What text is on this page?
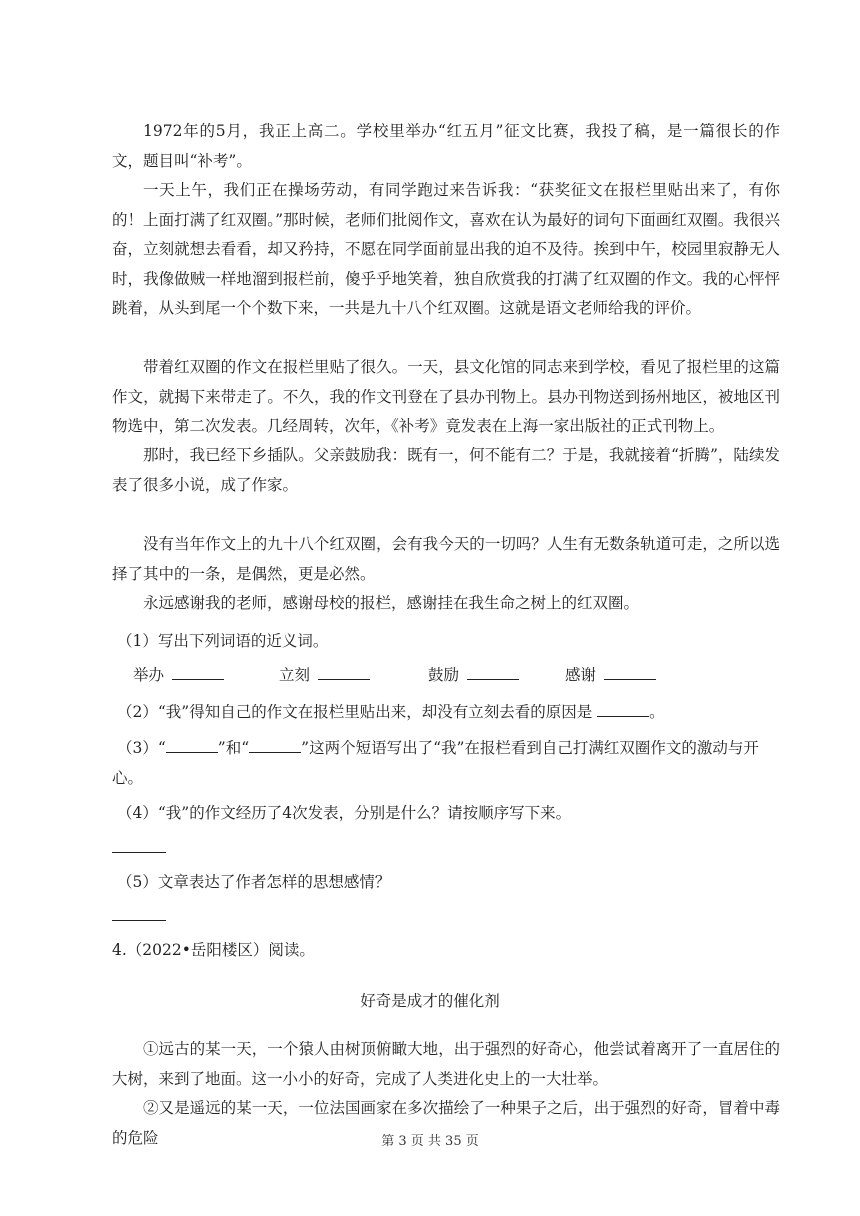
1972年的5月，我正上高二。学校里举办“红五月”征文比赛，我投了稿，是一篇很长的作文，题目叫“补考”。

一天上午，我们正在操场劳动，有同学跑过来告诉我：“获奖征文在报栏里贴出来了，有你的！上面打满了红双圈。”那时候，老师们批阅作文，喜欢在认为最好的词句下面画红双圈。我很兴奋，立刻就想去看看，却又矜持，不愿在同学面前显出我的迫不及待。挨到中午，校园里寂静无人时，我像做贼一样地溜到报栏前，傻乎乎地笑着，独自欣赏我的打满了红双圈的作文。我的心怦怦跳着，从头到尾一个个数下来，一共是九十八个红双圈。这就是语文老师给我的评价。

带着红双圈的作文在报栏里贴了很久。一天，县文化馆的同志来到学校，看见了报栏里的这篇作文，就揭下来带走了。不久，我的作文刊登在了县办刊物上。县办刊物送到扬州地区，被地区刊物选中，第二次发表。几经周转，次年，《补考》竟发表在上海一家出版社的正式刊物上。

那时，我已经下乡插队。父亲鼓励我：既有一，何不能有二？于是，我就接着“折腾”，陆续发表了很多小说，成了作家。

没有当年作文上的九十八个红双圈，会有我今天的一切吗？人生有无数条轨道可走，之所以选择了其中的一条，是偶然，更是必然。

永远感谢我的老师，感谢母校的报栏，感谢挂在我生命之树上的红双圈。

（1）写出下列词语的近义词。

举办	立刻	鼓励	感谢

（2）“我”得知自己的作文在报栏里贴出来，却没有立刻去看的原因是	。

（3）“	”和“	”这两个短语写出了“我”在报栏看到自己打满红双圈作文的激动与开

心。

（4）“我”的作文经历了4次发表，分别是什么？请按顺序写下来。

（5）文章表达了作者怎样的思想感情？

4.（2022•岳阳楼区）阅读。

好奇是成才的催化剂

①远古的某一天，一个猿人由树顶俯瞰大地，出于强烈的好奇心，他尝试着离开了一直居住的大树，来到了地面。这一小小的好奇，完成了人类进化史上的一大壮举。

②又是遥远的某一天，一位法国画家在多次描绘了一种果子之后，出于强烈的好奇，冒着中毒的危险	第 3 页 共 35 页
